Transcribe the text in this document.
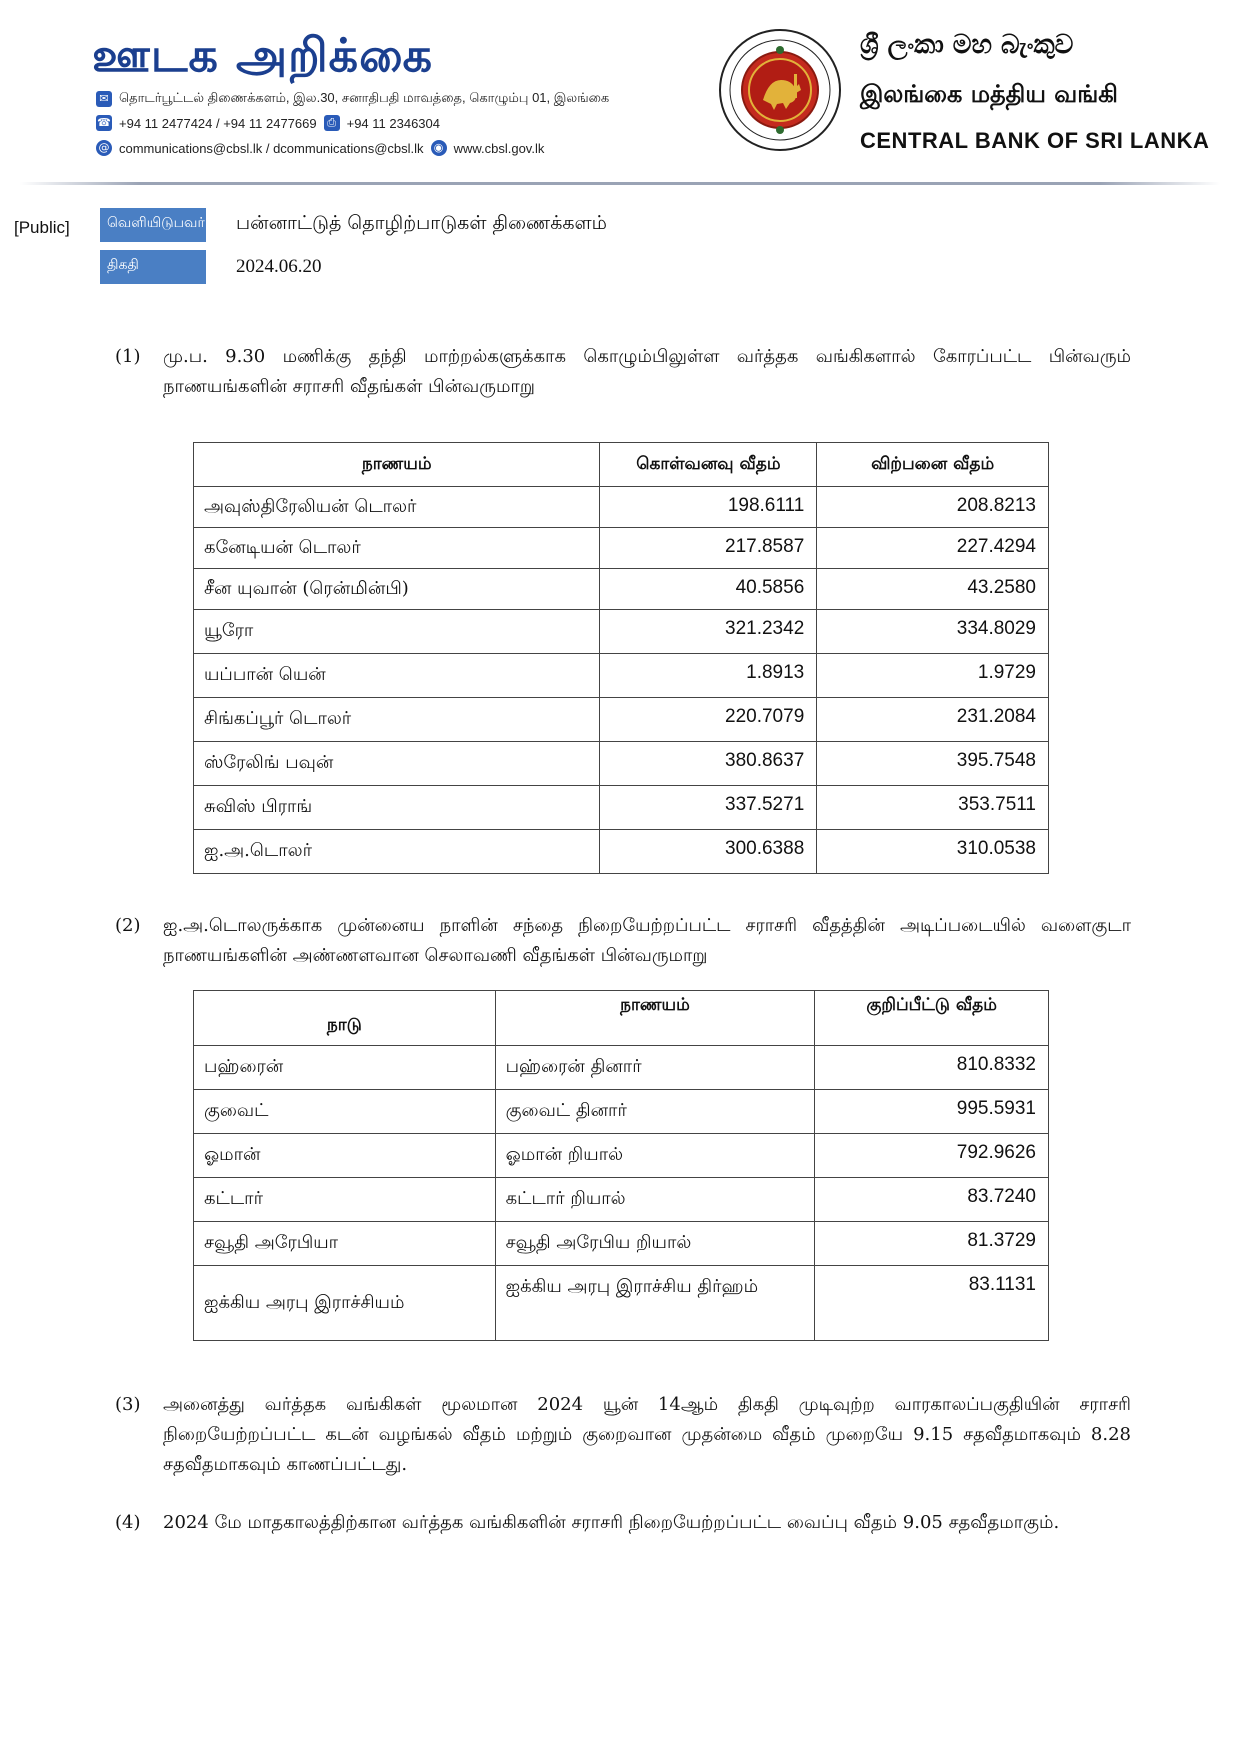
ஊடக அறிக்கை
✉ தொடர்பூட்டல் திணைக்களம், இல.30, சனாதிபதி மாவத்தை, கொழும்பு 01, இலங்கை
☎ +94 11 2477424 / +94 11 2477669 ⎙ +94 11 2346304
@ communications@cbsl.lk / dcommunications@cbsl.lk ◉ www.cbsl.gov.lk
ශ්‍රී ලංකා මහ බැංකුව
இலங்கை மத்திய வங்கி
CENTRAL BANK OF SRI LANKA
[Public]	வெளியிடுபவர் பன்னாட்டுத் தொழிற்பாடுகள் திணைக்களம்
திகதி	2024.06.20
(1) மு.ப. 9.30 மணிக்கு தந்தி மாற்றல்களுக்காக கொழும்பிலுள்ள வர்த்தக வங்கிகளால் கோரப்பட்ட பின்வரும் நாணயங்களின் சராசரி வீதங்கள் பின்வருமாறு
நாணயம்	கொள்வனவு வீதம்	விற்பனை வீதம்
அவுஸ்திரேலியன் டொலர்	198.6111	208.8213
கனேடியன் டொலர்	217.8587	227.4294
சீன யுவான் (ரென்மின்பி)	40.5856	43.2580
யூரோ	321.2342	334.8029
யப்பான் யென்	1.8913	1.9729
சிங்கப்பூர் டொலர்	220.7079	231.2084
ஸ்ரேலிங் பவுன்	380.8637	395.7548
சுவிஸ் பிராங்	337.5271	353.7511
ஐ.அ.டொலர்	300.6388	310.0538
(2) ஐ.அ.டொலருக்காக முன்னைய நாளின் சந்தை நிறையேற்றப்பட்ட சராசரி வீதத்தின் அடிப்படையில் வளைகுடா நாணயங்களின் அண்ணளவான செலாவணி வீதங்கள் பின்வருமாறு
நாடு	நாணயம்	குறிப்பீட்டு வீதம்
பஹ்ரைன்	பஹ்ரைன் தினார்	810.8332
குவைட்	குவைட் தினார்	995.5931
ஓமான்	ஓமான் றியால்	792.9626
கட்டார்	கட்டார் றியால்	83.7240
சவூதி அரேபியா	சவூதி அரேபிய றியால்	81.3729
ஐக்கிய அரபு இராச்சியம்	ஐக்கிய அரபு இராச்சிய திர்ஹம்	83.1131
(3) அனைத்து வர்த்தக வங்கிகள் மூலமான 2024 யூன் 14ஆம் திகதி முடிவுற்ற வாரகாலப்பகுதியின் சராசரி நிறையேற்றப்பட்ட கடன் வழங்கல் வீதம் மற்றும் குறைவான முதன்மை வீதம் முறையே 9.15 சதவீதமாகவும் 8.28 சதவீதமாகவும் காணப்பட்டது.
(4) 2024 மே மாதகாலத்திற்கான வர்த்தக வங்கிகளின் சராசரி நிறையேற்றப்பட்ட வைப்பு வீதம் 9.05 சதவீதமாகும்.
